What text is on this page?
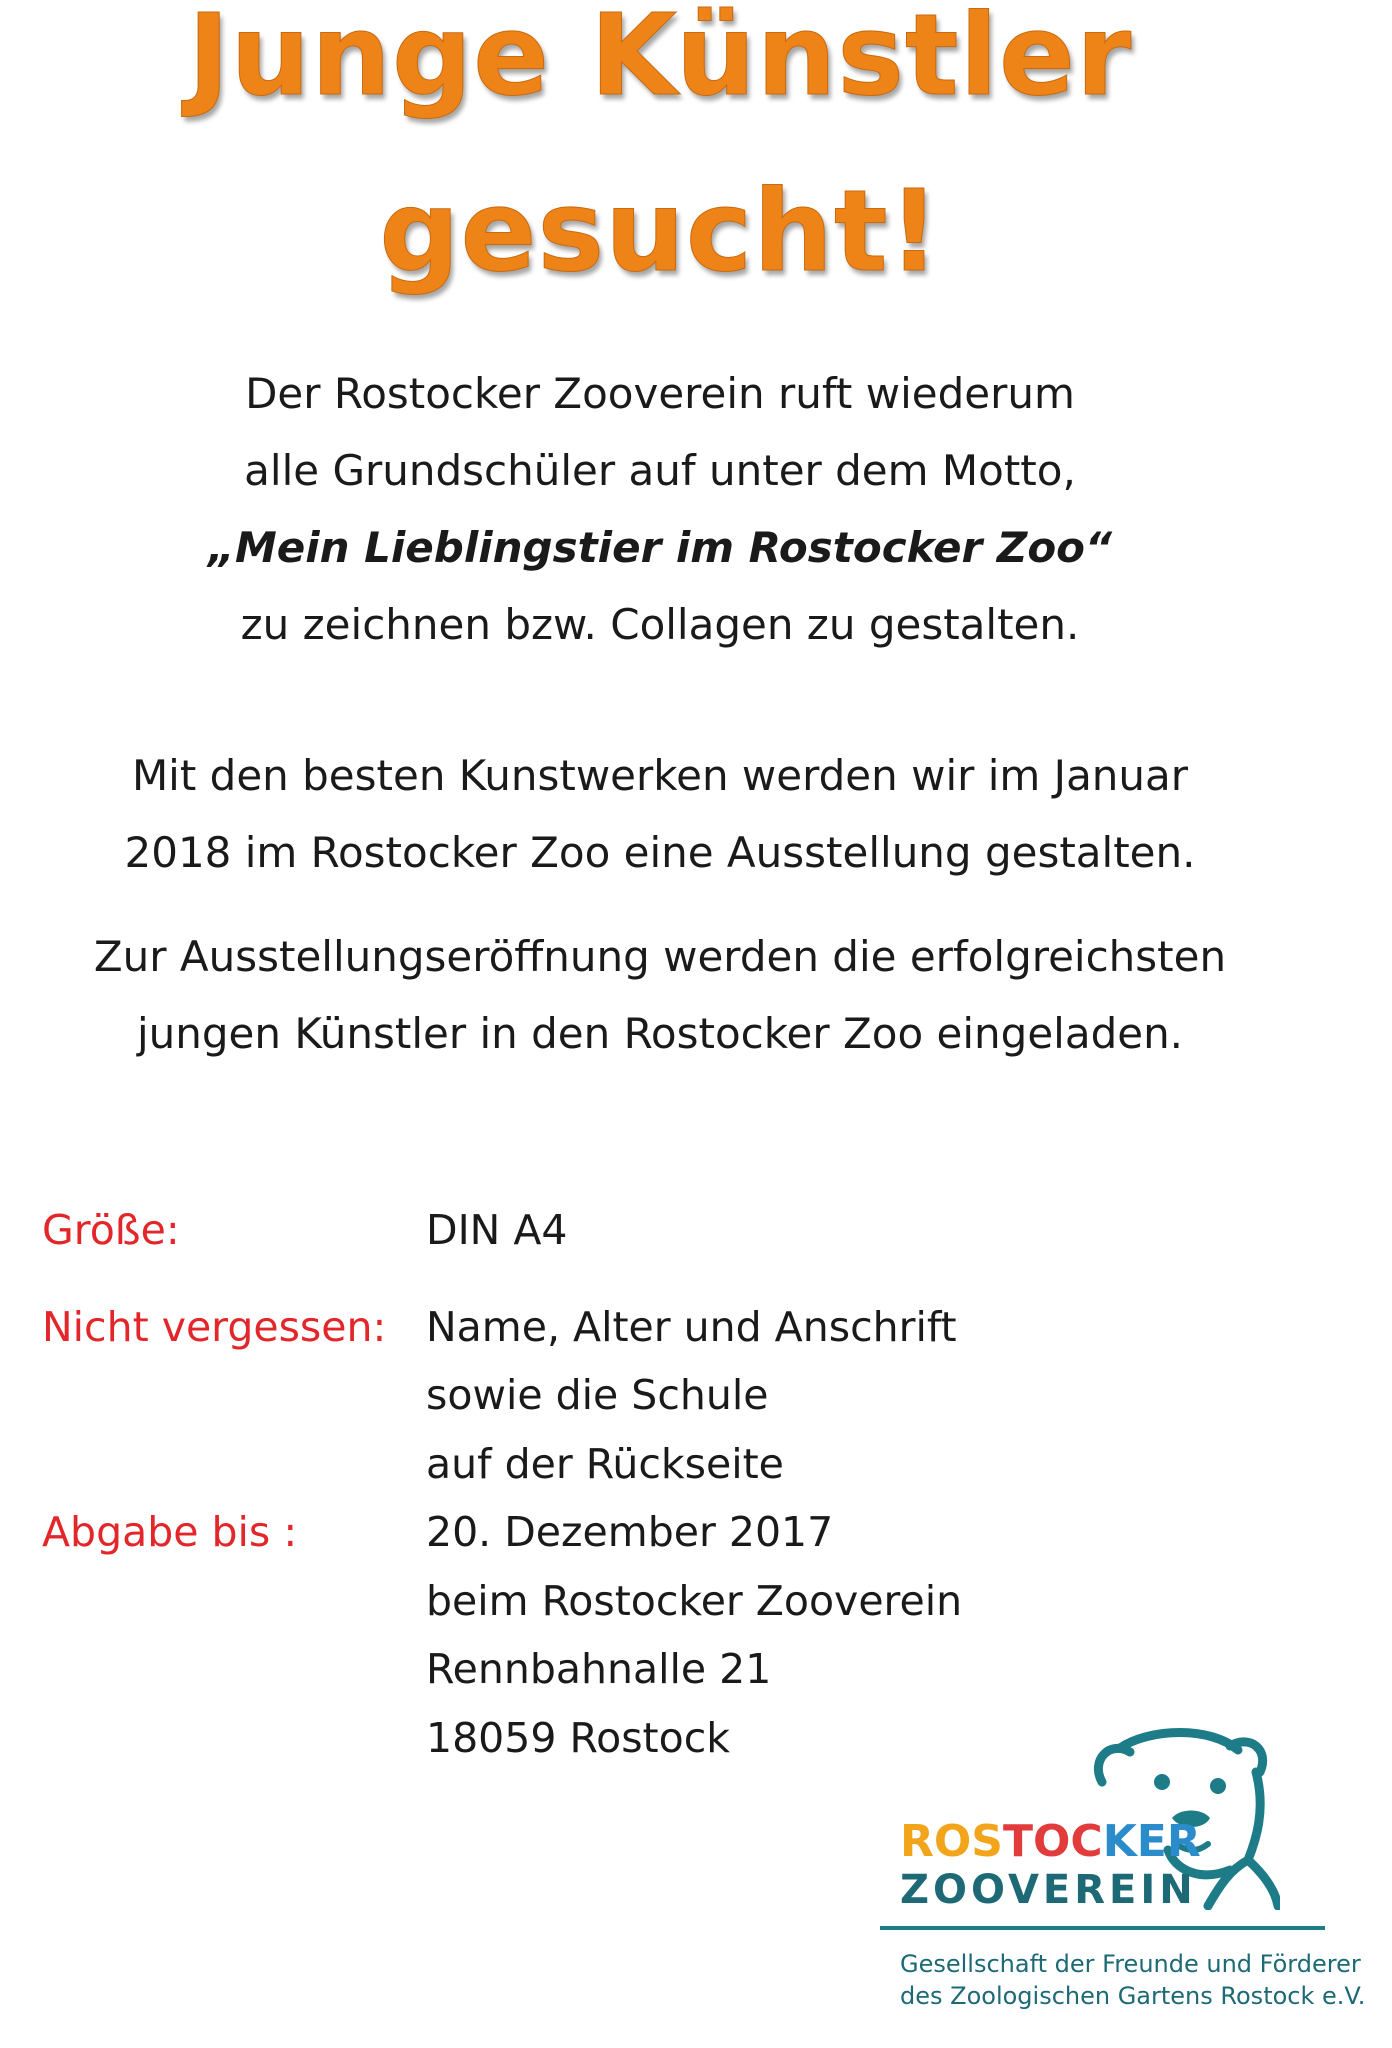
Junge Künstler
gesucht!

Der Rostocker Zooverein ruft wiederum

alle Grundschüler auf unter dem Motto,

„Mein Lieblingstier im Rostocker Zoo“

zu zeichnen bzw. Collagen zu gestalten.

Mit den besten Kunstwerken werden wir im Januar

2018 im Rostocker Zoo eine Ausstellung gestalten.

Zur Ausstellungseröffnung werden die erfolgreichsten

jungen Künstler in den Rostocker Zoo eingeladen.

Größe:	DIN A4
Nicht vergessen: Name, Alter und Anschrift
sowie die Schule
auf der Rückseite
Abgabe bis :	20. Dezember 2017
beim Rostocker Zooverein
Rennbahnalle 21
18059 Rostock
ROSTOCKER
ZOOVEREIN
Gesellschaft der Freunde und Förderer
des Zoologischen Gartens Rostock e.V.
